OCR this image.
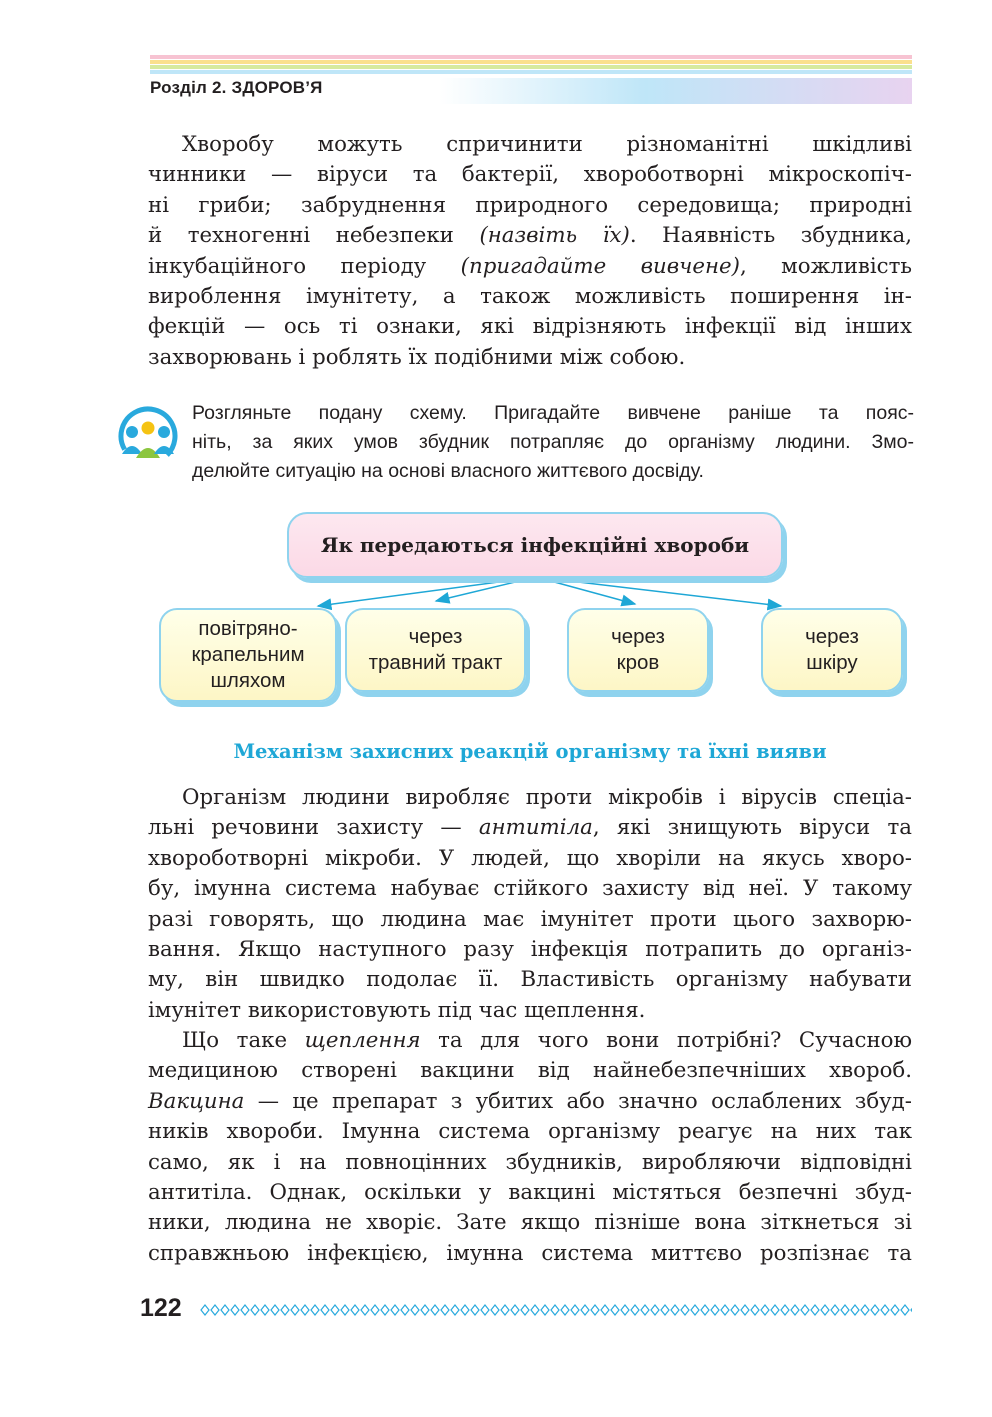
Розділ 2. ЗДОРОВ’Я
Хворобу можуть спричинити різноманітні шкідливі
чинники — віруси та бактерії, хвороботворні мікроскопіч-
ні гриби; забруднення природного середовища; природні
й техногенні небезпеки (назвіть їх). Наявність збудника,
інкубаційного періоду (пригадайте вивчене), можливість
вироблення імунітету, а також можливість поширення ін-
фекцій — ось ті ознаки, які відрізняють інфекції від інших
захворювань і роблять їх подібними між собою.
Розгляньте подану схему. Пригадайте вивчене раніше та пояс-
ніть, за яких умов збудник потрапляє до організму людини. Змо-
делюйте ситуацію на основі власного життєвого досвіду.
Як передаються інфекційні хвороби
повітряно-
крапельним
шляхом
через
травний тракт
через
кров
через
шкіру
Механізм захисних реакцій організму та їхні вияви
Організм людини виробляє проти мікробів і вірусів спеціа-
льні речовини захисту — антитіла, які знищують віруси та
хвороботворні мікроби. У людей, що хворіли на якусь хворо-
бу, імунна система набуває стійкого захисту від неї. У такому
разі говорять, що людина має імунітет проти цього захворю-
вання. Якщо наступного разу інфекція потрапить до організ-
му, він швидко подолає її. Властивість організму набувати
імунітет використовують під час щеплення.
Що таке щеплення та для чого вони потрібні? Сучасною
медициною створені вакцини від найнебезпечніших хвороб.
Вакцина — це препарат з убитих або значно ослаблених збуд-
ників хвороби. Імунна система організму реагує на них так
само, як і на повноцінних збудників, виробляючи відповідні
антитіла. Однак, оскільки у вакцині містяться безпечні збуд-
ники, людина не хворіє. Зате якщо пізніше вона зіткнеться зі
справжньою інфекцією, імунна система миттєво розпізнає та
122
